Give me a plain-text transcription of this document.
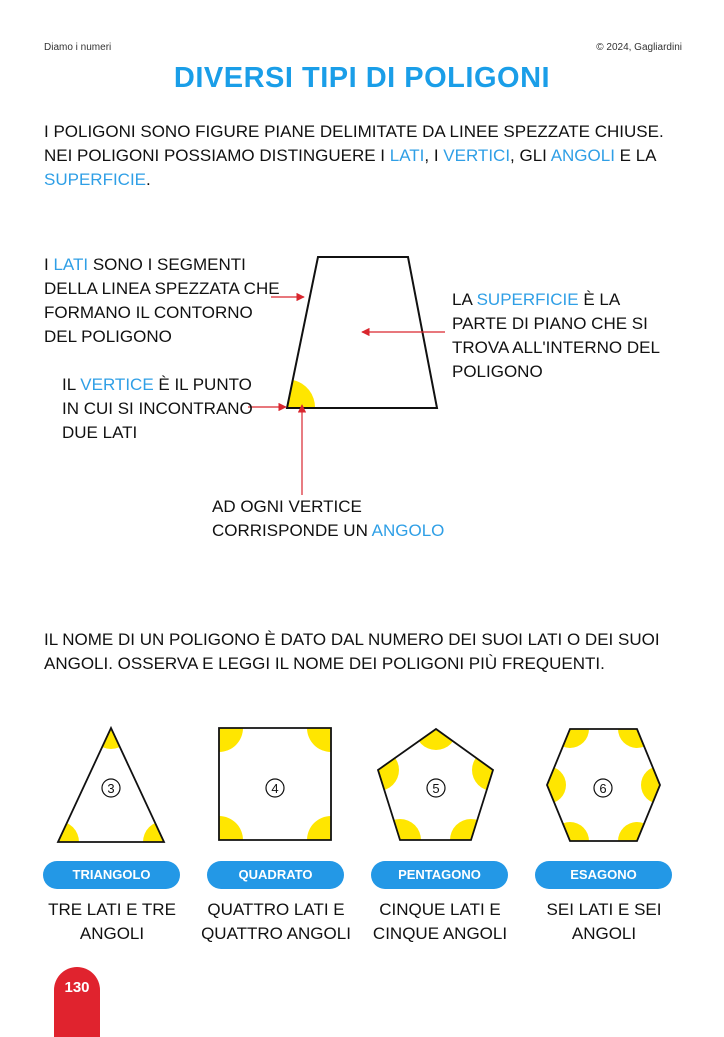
Diamo i numeri	© 2024, Gagliardini
DIVERSI TIPI DI POLIGONI
I POLIGONI SONO FIGURE PIANE DELIMITATE DA LINEE SPEZZATE CHIUSE.
NEI POLIGONI POSSIAMO DISTINGUERE I LATI, I VERTICI, GLI ANGOLI E LA
SUPERFICIE.
I LATI SONO I SEGMENTI
DELLA LINEA SPEZZATA CHE
FORMANO IL CONTORNO
DEL POLIGONO
IL VERTICE È IL PUNTO
IN CUI SI INCONTRANO
DUE LATI
LA SUPERFICIE È LA
PARTE DI PIANO CHE SI
TROVA ALL'INTERNO DEL
POLIGONO
AD OGNI VERTICE
CORRISPONDE UN ANGOLO
IL NOME DI UN POLIGONO È DATO DAL NUMERO DEI SUOI LATI O DEI SUOI
ANGOLI. OSSERVA E LEGGI IL NOME DEI POLIGONI PIÙ FREQUENTI.
3	4	5	6
TRIANGOLO	QUADRATO	PENTAGONO	ESAGONO
TRE LATI E TRE
ANGOLI
QUATTRO LATI E
QUATTRO ANGOLI
CINQUE LATI E
CINQUE ANGOLI
SEI LATI E SEI
ANGOLI
130
